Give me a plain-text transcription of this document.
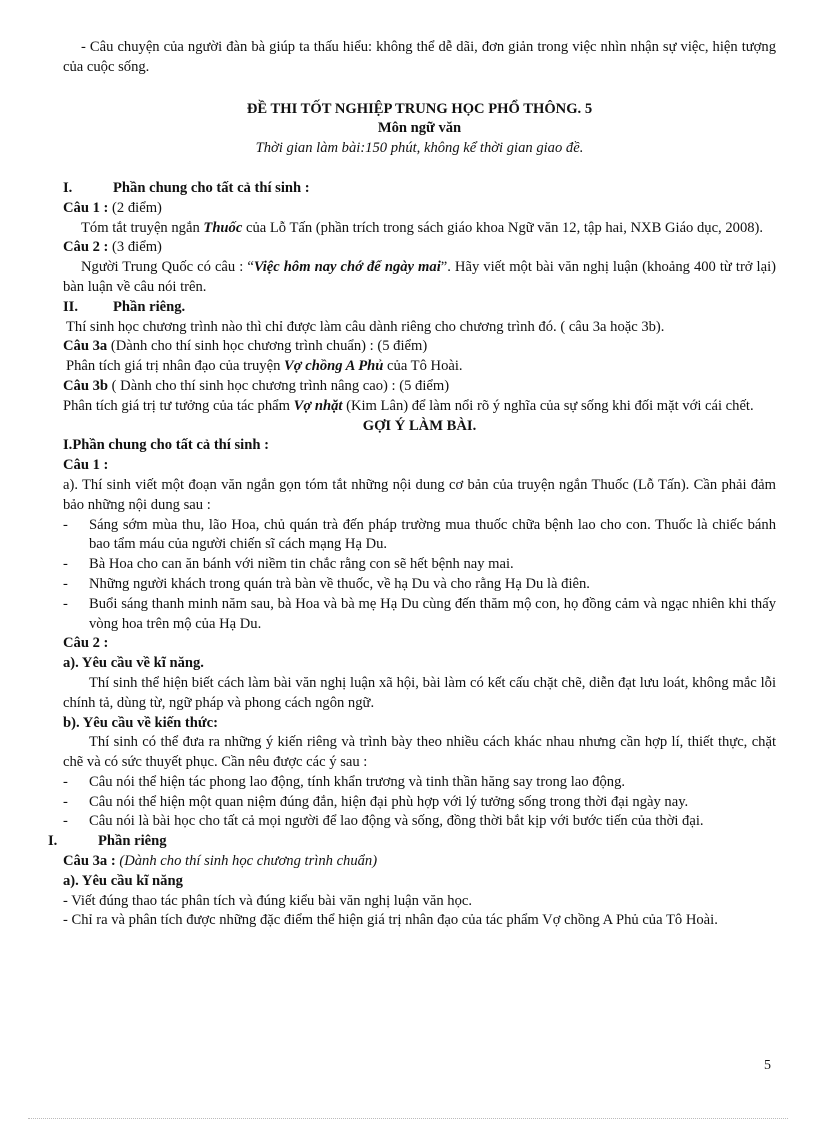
- Câu chuyện của người đàn bà giúp ta thấu hiểu: không thể dễ dãi, đơn giản trong việc nhìn nhận sự việc, hiện tượng của cuộc sống.

ĐỀ THI TỐT NGHIỆP TRUNG HỌC PHỔ THÔNG. 5

Môn ngữ văn

Thời gian làm bài:150 phút, không kể thời gian giao đề.

I.	Phần chung cho tất cả thí sinh :

Câu 1 : (2 điểm)

Tóm tắt truyện ngắn Thuốc của Lỗ Tấn (phần trích trong sách giáo khoa Ngữ văn 12, tập hai, NXB Giáo dục, 2008).

Câu 2 : (3 điểm)

Người Trung Quốc có câu : “Việc hôm nay chớ để ngày mai”. Hãy viết một bài văn nghị luận (khoảng 400 từ trở lại) bàn luận về câu nói trên.

II. Phần riêng.

Thí sinh học chương trình nào thì chỉ được làm câu dành riêng cho chương trình đó. ( câu 3a hoặc 3b).

Câu 3a (Dành cho thí sinh học chương trình chuẩn) : (5 điểm)

Phân tích giá trị nhân đạo của truyện Vợ chồng A Phủ của Tô Hoài.

Câu 3b ( Dành cho thí sinh học chương trình nâng cao) : (5 điểm)

Phân tích giá trị tư tưởng của tác phẩm Vợ nhặt (Kim Lân) để làm nổi rõ ý nghĩa của sự sống khi đối mặt với cái chết.

GỢI Ý LÀM BÀI.

I.Phần chung cho tất cả thí sinh :

Câu 1 :

a). Thí sinh viết một đoạn văn ngắn gọn tóm tắt những nội dung cơ bản của truyện ngắn Thuốc (Lỗ Tấn). Cần phải đảm bảo những nội dung sau :

- Sáng sớm mùa thu, lão Hoa, chủ quán trà đến pháp trường mua thuốc chữa bệnh lao cho con. Thuốc là chiếc bánh bao tẩm máu của người chiến sĩ cách mạng Hạ Du.
- Bà Hoa cho can ăn bánh với niềm tin chắc rằng con sẽ hết bệnh nay mai.
- Những người khách trong quán trà bàn về thuốc, về hạ Du và cho rằng Hạ Du là điên.
- Buổi sáng thanh minh năm sau, bà Hoa và bà mẹ Hạ Du cùng đến thăm mộ con, họ đồng cảm và ngạc nhiên khi thấy vòng hoa trên mộ của Hạ Du.

Câu 2 :

a). Yêu cầu về kĩ năng.

Thí sinh thể hiện biết cách làm bài văn nghị luận xã hội, bài làm có kết cấu chặt chẽ, diễn đạt lưu loát, không mắc lỗi chính tả, dùng từ, ngữ pháp và phong cách ngôn ngữ.

b). Yêu cầu về kiến thức:

Thí sinh có thể đưa ra những ý kiến riêng và trình bày theo nhiều cách khác nhau nhưng cần hợp lí, thiết thực, chặt chẽ và có sức thuyết phục. Cần nêu được các ý sau :

- Câu nói thể hiện tác phong lao động, tính khẩn trương và tinh thần hăng say trong lao động.
- Câu nói thể hiện một quan niệm đúng đắn, hiện đại phù hợp với lý tưởng sống trong thời đại ngày nay.
- Câu nói là bài học cho tất cả mọi người để lao động và sống, đồng thời bắt kịp với bước tiến của thời đại.

I.	Phần riêng

Câu 3a : (Dành cho thí sinh học chương trình chuẩn)

a). Yêu cầu kĩ năng

- Viết đúng thao tác phân tích và đúng kiểu bài văn nghị luận văn học.

- Chỉ ra và phân tích được những đặc điểm thể hiện giá trị nhân đạo của tác phẩm Vợ chồng A Phủ của Tô Hoài.

5
